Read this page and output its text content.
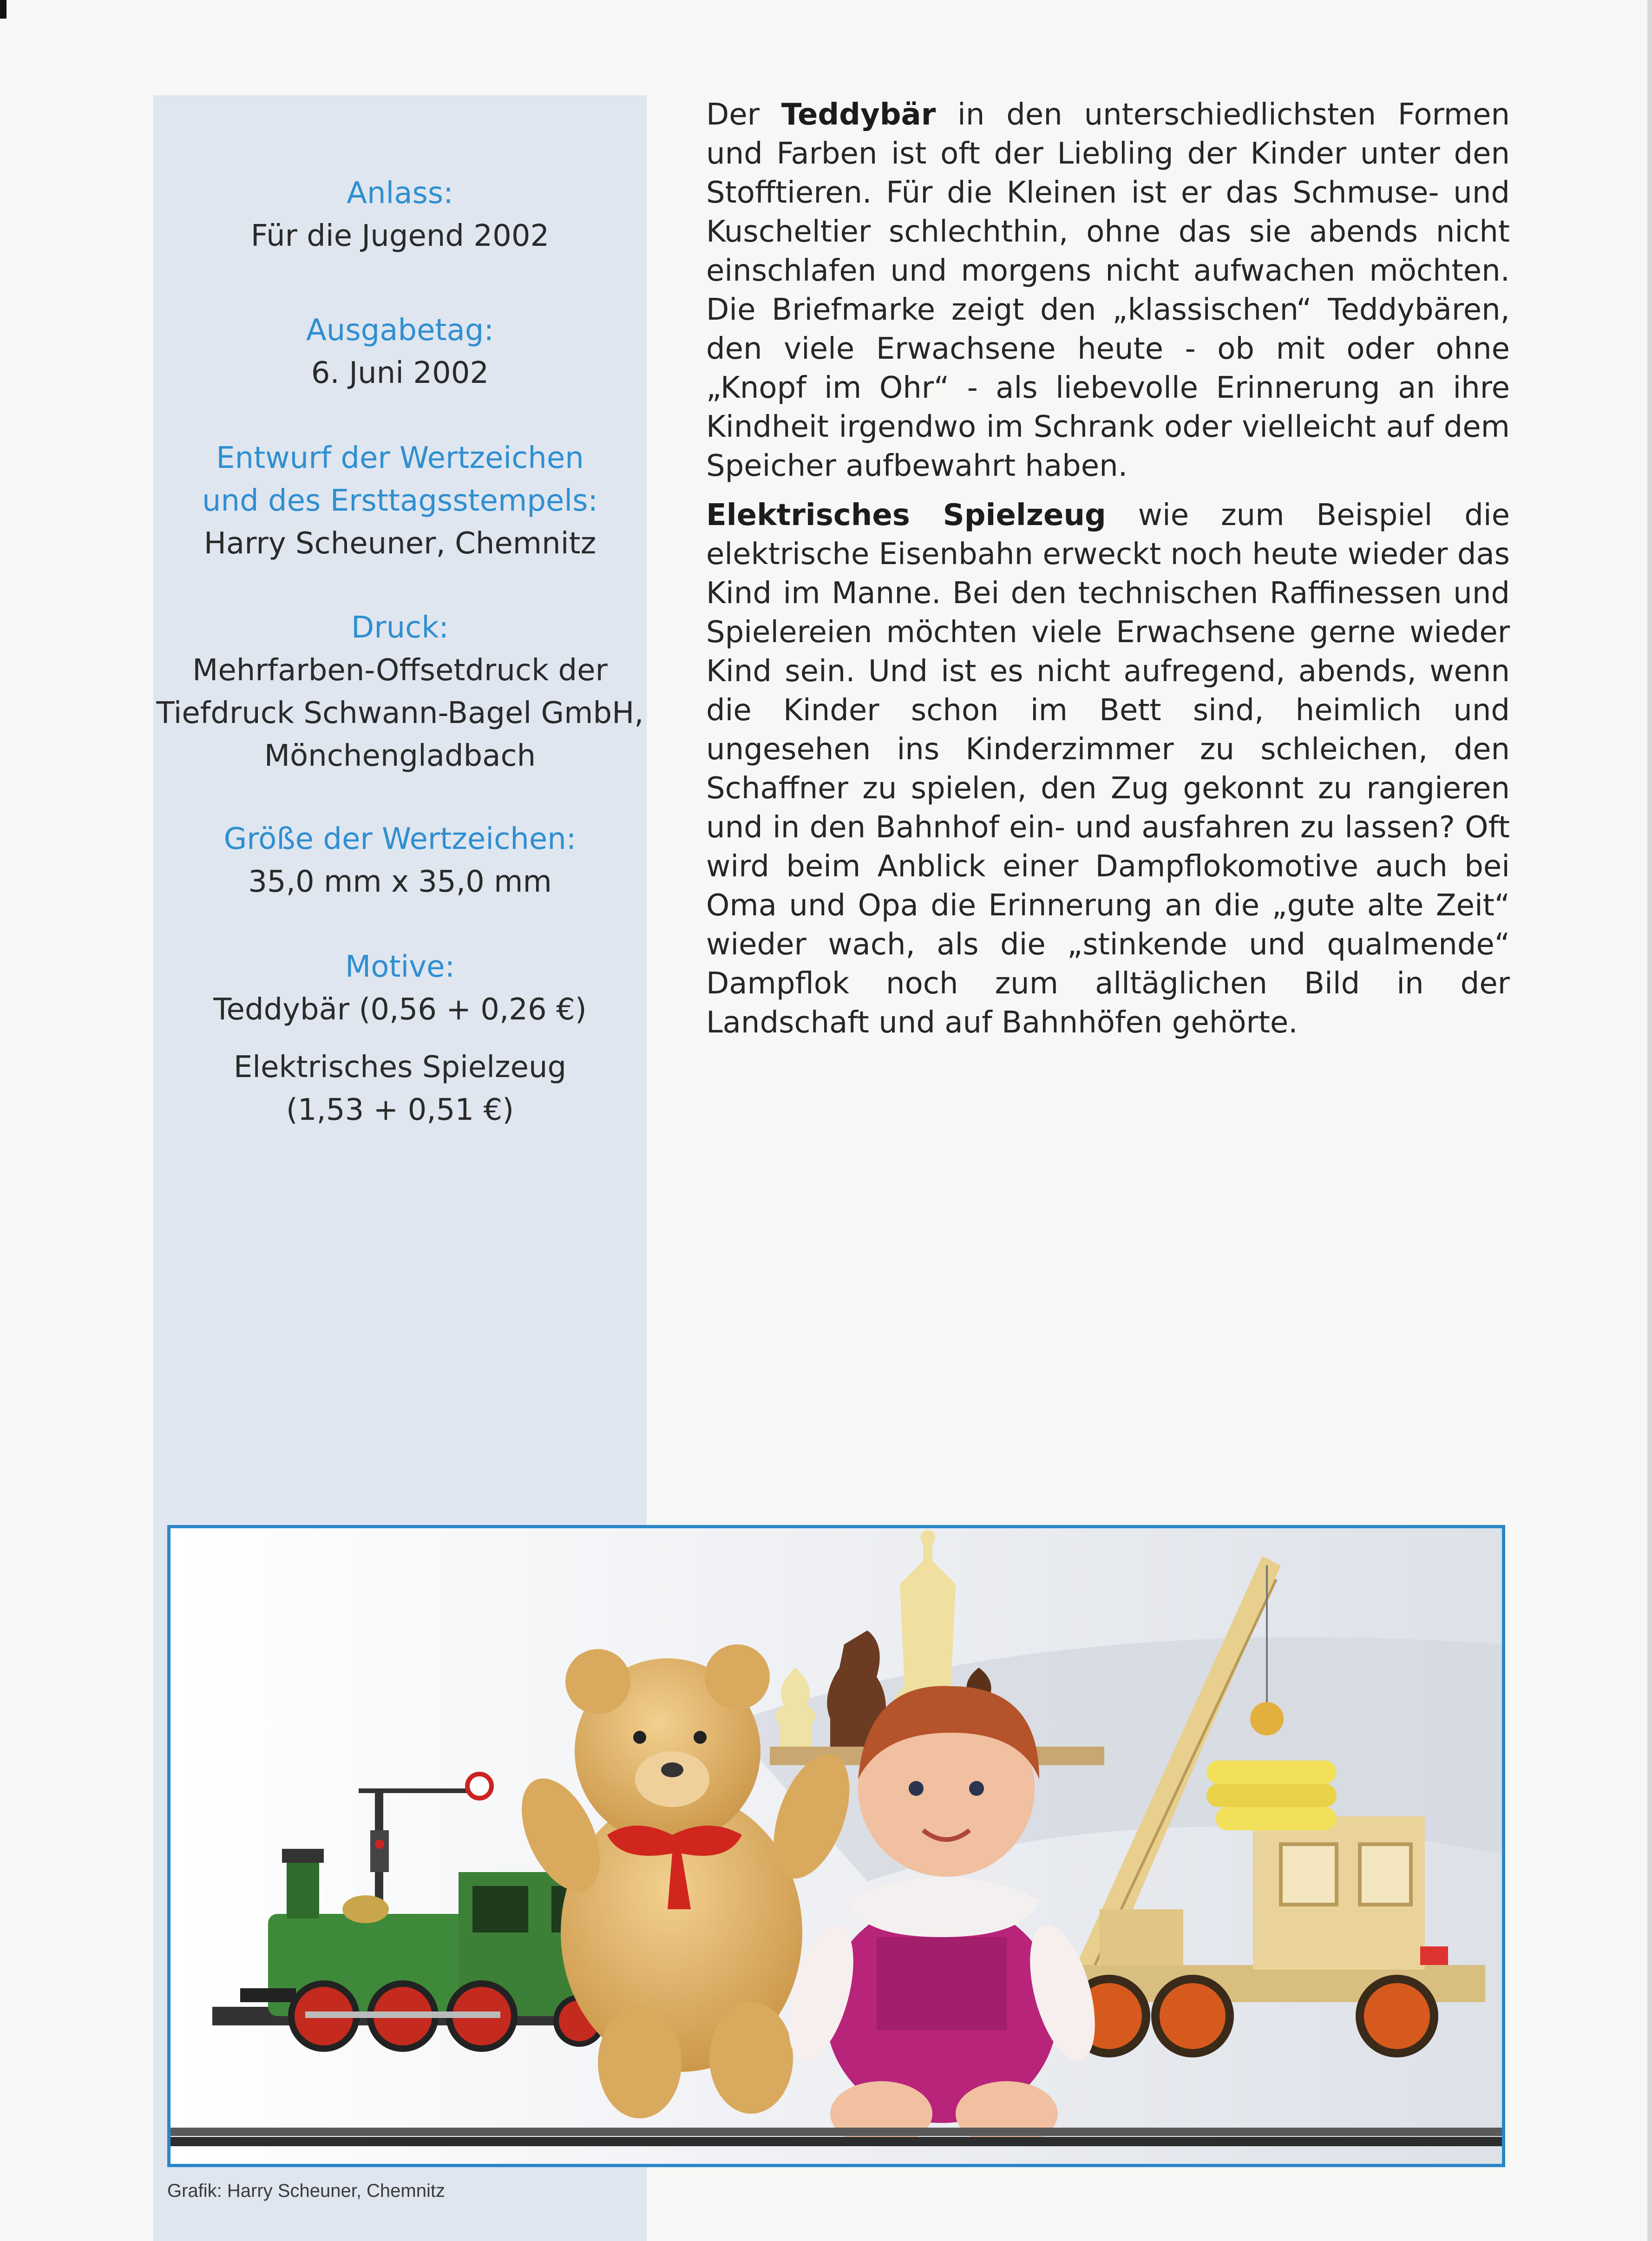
Anlass:
Für die Jugend 2002
Ausgabetag:
6. Juni 2002
Entwurf der Wertzeichen
und des Ersttagsstempels:
Harry Scheuner, Chemnitz
Druck:
Mehrfarben-Offsetdruck der
Tiefdruck Schwann-Bagel GmbH,
Mönchengladbach
Größe der Wertzeichen:
35,0 mm x 35,0 mm
Motive:
Teddybär (0,56 + 0,26 €)
Elektrisches Spielzeug
(1,53 + 0,51 €)

Der Teddybär in den unterschiedlichsten Formen und Farben ist oft der Liebling der Kinder unter den Stofftieren. Für die Kleinen ist er das Schmuse- und Kuscheltier schlechthin, ohne das sie abends nicht einschlafen und morgens nicht aufwachen möchten. Die Briefmarke zeigt den „klassischen“ Teddybären, den viele Erwachsene heute - ob mit oder ohne „Knopf im Ohr“ - als liebevolle Erinnerung an ihre Kindheit irgendwo im Schrank oder vielleicht auf dem Speicher aufbewahrt haben.

Elektrisches Spielzeug wie zum Beispiel die elektrische Eisenbahn erweckt noch heute wieder das Kind im Manne. Bei den technischen Raffinessen und Spielereien möchten viele Erwachsene gerne wieder Kind sein. Und ist es nicht aufregend, abends, wenn die Kinder schon im Bett sind, heimlich und ungesehen ins Kinderzimmer zu schleichen, den Schaffner zu spielen, den Zug gekonnt zu rangieren und in den Bahnhof ein- und ausfahren zu lassen? Oft wird beim Anblick einer Dampflokomotive auch bei Oma und Opa die Erinnerung an die „gute alte Zeit“ wieder wach, als die „stinkende und qualmende“ Dampflok noch zum alltäglichen Bild in der Landschaft und auf Bahnhöfen gehörte.

Grafik: Harry Scheuner, Chemnitz
